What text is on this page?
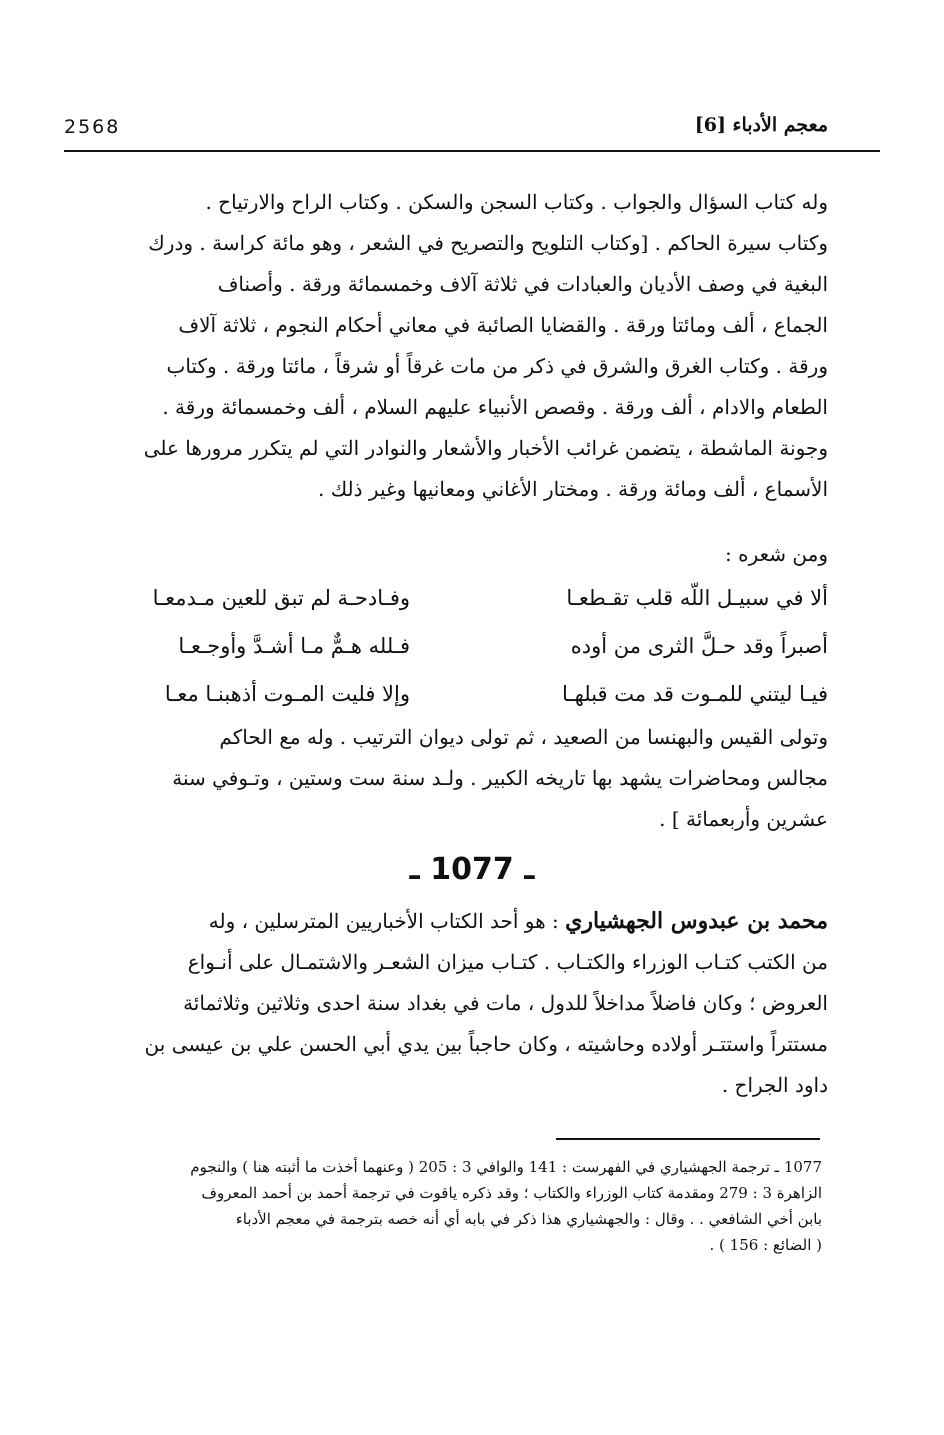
2568	معجم الأدباء [6]

وله كتاب السؤال والجواب . وكتاب السجن والسكن . وكتاب الراح والارتياح .

وكتاب سيرة الحاكم . [وكتاب التلويح والتصريح في الشعر ، وهو مائة كراسة . ودرك

البغية في وصف الأديان والعبادات في ثلاثة آلاف وخمسمائة ورقة . وأصناف

الجماع ، ألف ومائتا ورقة . والقضايا الصائبة في معاني أحكام النجوم ، ثلاثة آلاف

ورقة . وكتاب الغرق والشرق في ذكر من مات غرقاً أو شرقاً ، مائتا ورقة . وكتاب

الطعام والادام ، ألف ورقة . وقصص الأنبياء عليهم السلام ، ألف وخمسمائة ورقة .

وجونة الماشطة ، يتضمن غرائب الأخبار والأشعار والنوادر التي لم يتكرر مرورها على

الأسماع ، ألف ومائة ورقة . ومختار الأغاني ومعانيها وغير ذلك .

ومن شعره :
ألا في سبيـل اللّه قلب تقـطعـا
وفـادحـة لم تبق للعين مـدمعـا
أصبراً وقد حـلَّ الثرى من أوده
فـلله هـمٌّ مـا أشـدَّ وأوجـعـا
فيـا ليتني للمـوت قد مت قبلهـا
وإلا فليت المـوت أذهبنـا معـا

وتولى القيس والبهنسا من الصعيد ، ثم تولى ديوان الترتيب . وله مع الحاكم

مجالس ومحاضرات يشهد بها تاريخه الكبير . ولـد سنة ست وستين ، وتـوفي سنة

عشرين وأربعمائة ] .

ـ 1077 ـ

محمد بن عبدوس الجهشياري : هو أحد الكتاب الأخباريين المترسلين ، وله

من الكتب كتـاب الوزراء والكتـاب . كتـاب ميزان الشعـر والاشتمـال على أنـواع

العروض ؛ وكان فاضلاً مداخلاً للدول ، مات في بغداد سنة احدى وثلاثين وثلاثمائة

مستتراً واستتـر أولاده وحاشيته ، وكان حاجباً بين يدي أبي الحسن علي بن عيسى بن

داود الجراح .

1077 ـ ترجمة الجهشياري في الفهرست : 141 والوافي 3 : 205 ( وعنهما أخذت ما أثبته هنا ) والنجوم

الزاهرة 3 : 279 ومقدمة كتاب الوزراء والكتاب ؛ وقد ذكره ياقوت في ترجمة أحمد بن أحمد المعروف

بابن أخي الشافعي . . وقال : والجهشياري هذا ذكر في بابه أي أنه خصه بترجمة في معجم الأدباء

( الضائع : 156 ) .
